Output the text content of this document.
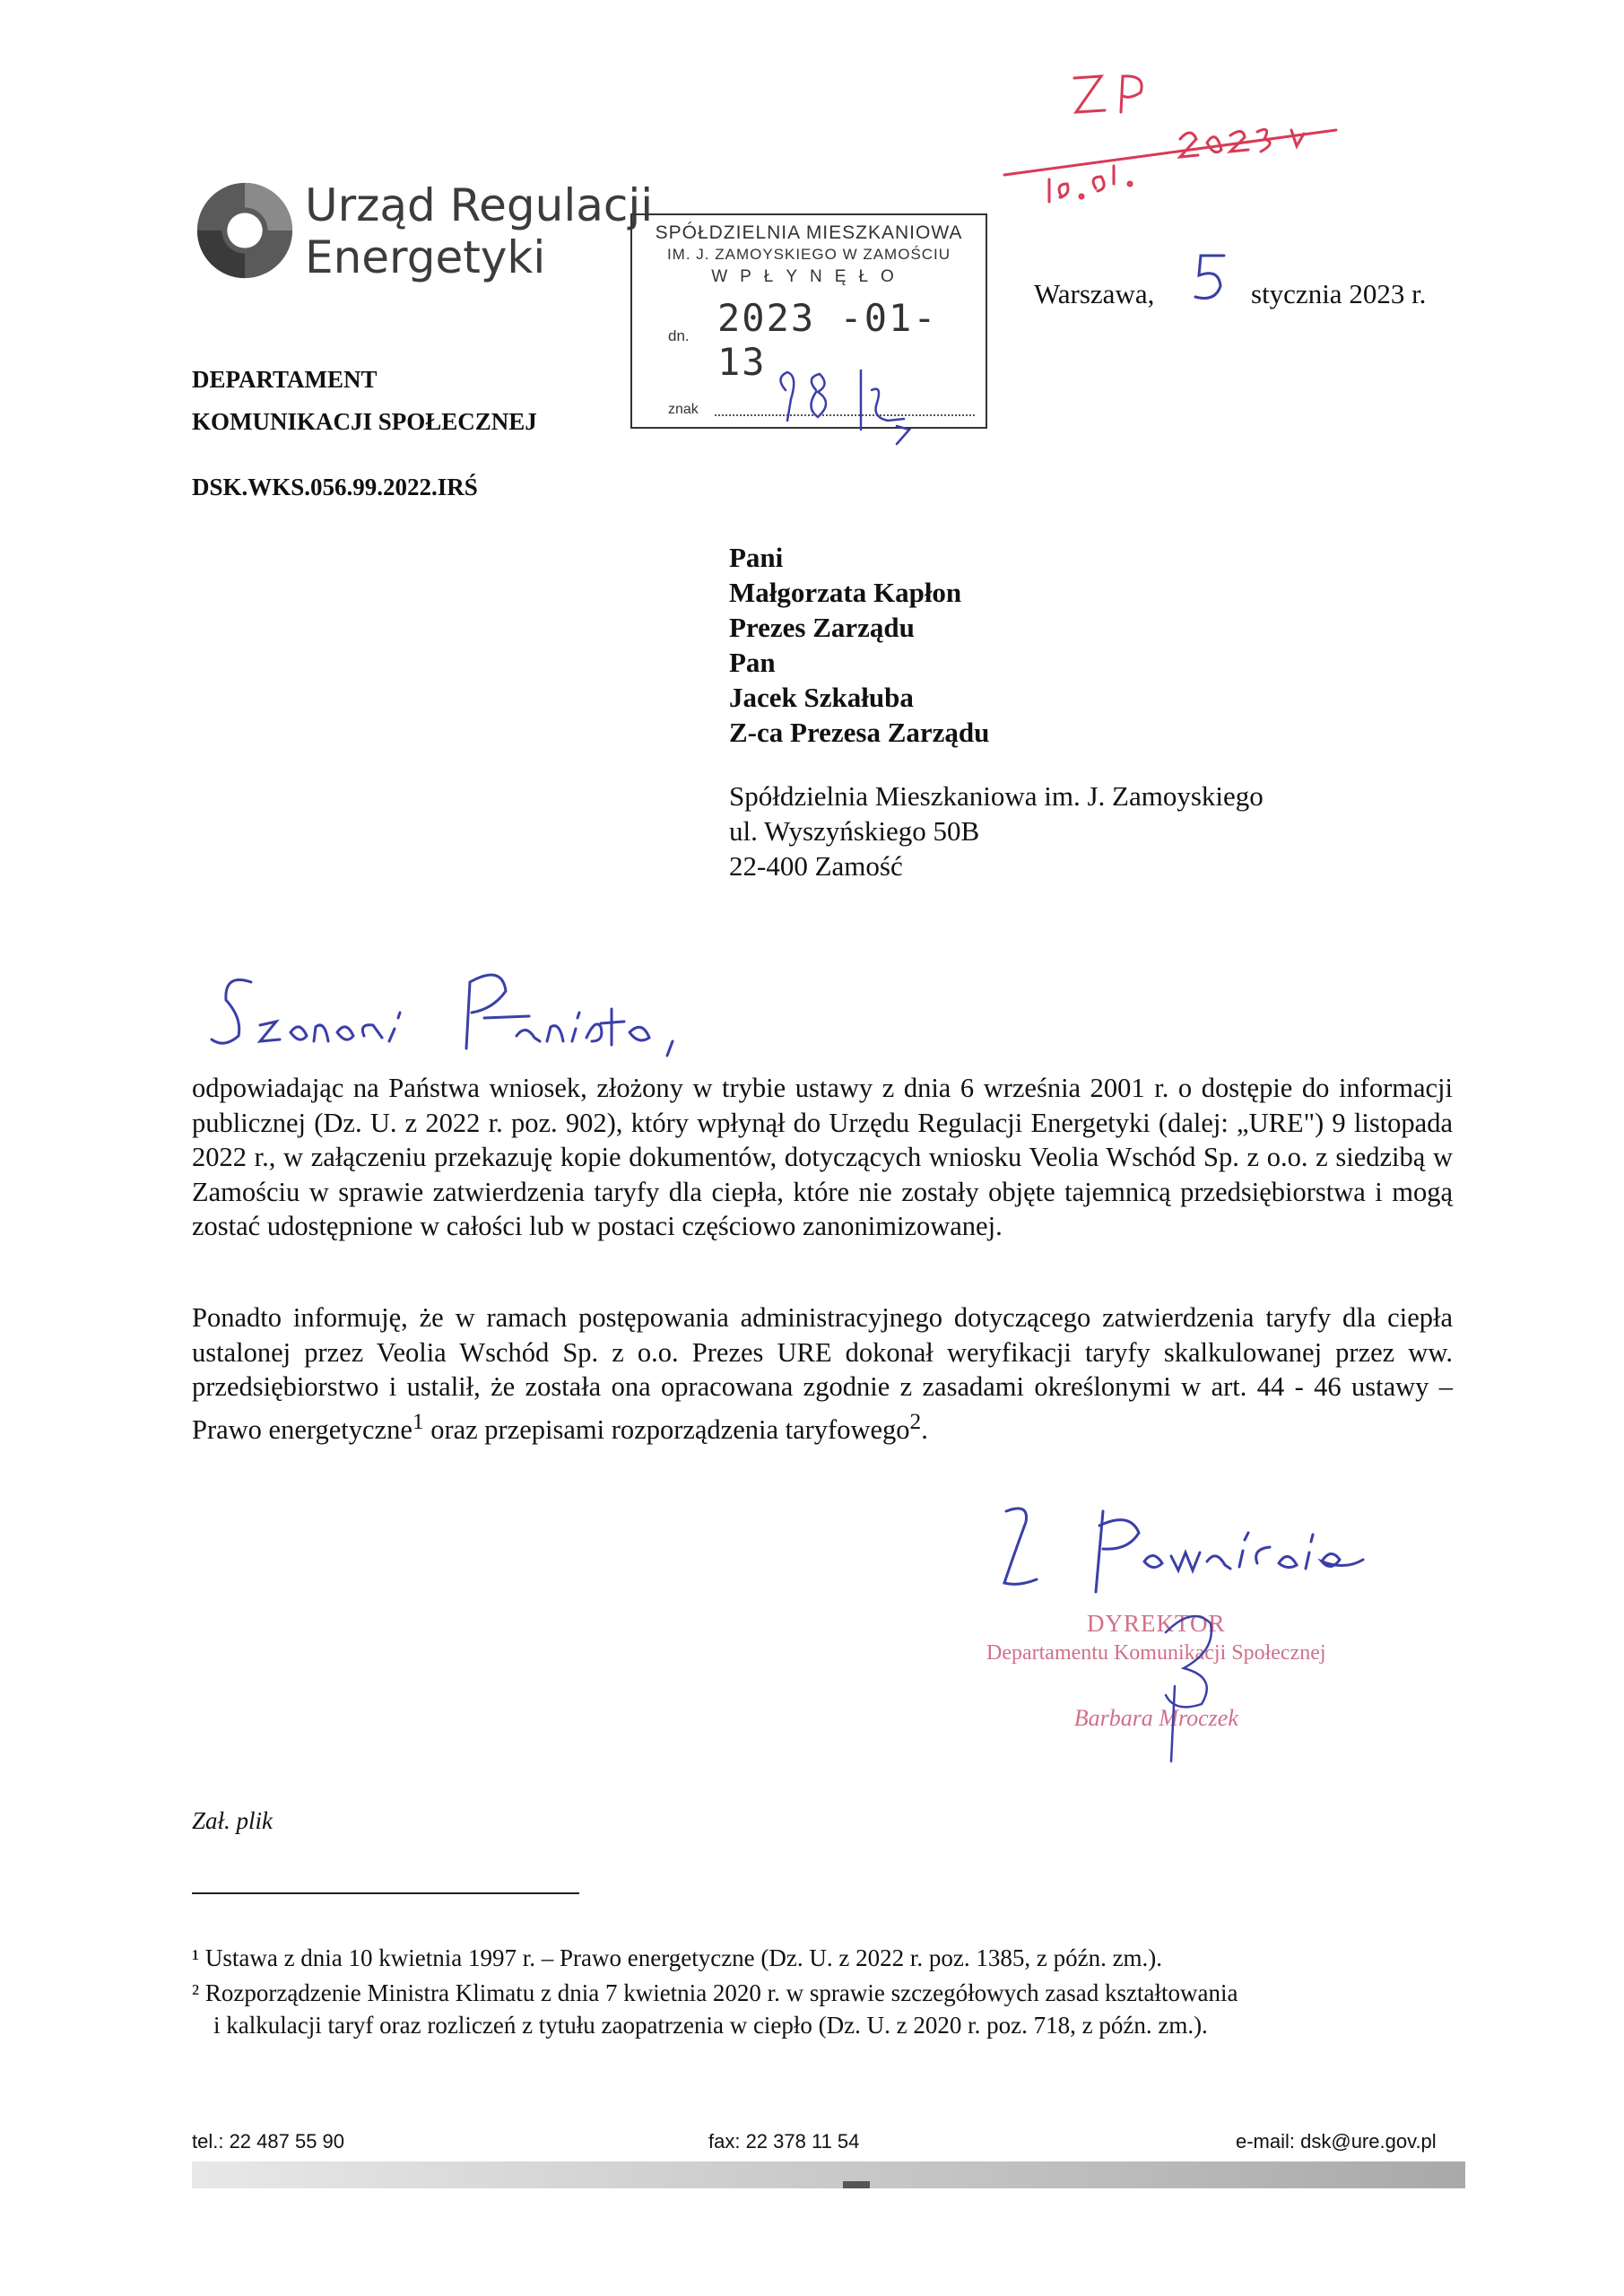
Urząd Regulacji
Energetyki
DEPARTAMENT
KOMUNIKACJI SPOŁECZNEJ
DSK.WKS.056.99.2022.IRŚ
SPÓŁDZIELNIA MIESZKANIOWA
IM. J. ZAMOYSKIEGO W ZAMOŚCIU
WPŁYNĘŁO
2023 -01- 13
dn.
znak
Warszawa,	stycznia 2023 r.
Pani
Małgorzata Kapłon
Prezes Zarządu
Pan
Jacek Szkałuba
Z-ca Prezesa Zarządu
Spółdzielnia Mieszkaniowa im. J. Zamoyskiego
ul. Wyszyńskiego 50B
22-400 Zamość
odpowiadając na Państwa wniosek, złożony w trybie ustawy z dnia 6 września 2001 r. o dostępie do informacji publicznej (Dz. U. z 2022 r. poz. 902), który wpłynął do Urzędu Regulacji Energetyki (dalej: „URE") 9 listopada 2022 r., w załączeniu przekazuję kopie dokumentów, dotyczących wniosku Veolia Wschód Sp. z o.o. z siedzibą w Zamościu w sprawie zatwierdzenia taryfy dla ciepła, które nie zostały objęte tajemnicą przedsiębiorstwa i mogą zostać udostępnione w całości lub w postaci częściowo zanonimizowanej.
Ponadto informuję, że w ramach postępowania administracyjnego dotyczącego zatwierdzenia taryfy dla ciepła ustalonej przez Veolia Wschód Sp. z o.o. Prezes URE dokonał weryfikacji taryfy skalkulowanej przez ww. przedsiębiorstwo i ustalił, że została ona opracowana zgodnie z zasadami określonymi w art. 44 - 46 ustawy – Prawo energetyczne$^1$ oraz przepisami rozporządzenia taryfowego$^2$.
DYREKTOR
Departamentu Komunikacji Społecznej
Barbara Mroczek
Zał. plik
¹ Ustawa z dnia 10 kwietnia 1997 r. – Prawo energetyczne (Dz. U. z 2022 r. poz. 1385, z późn. zm.).
² Rozporządzenie Ministra Klimatu z dnia 7 kwietnia 2020 r. w sprawie szczegółowych zasad kształtowania
i kalkulacji taryf oraz rozliczeń z tytułu zaopatrzenia w ciepło (Dz. U. z 2020 r. poz. 718, z późn. zm.).
tel.: 22 487 55 90	fax: 22 378 11 54	e-mail: dsk@ure.gov.pl
